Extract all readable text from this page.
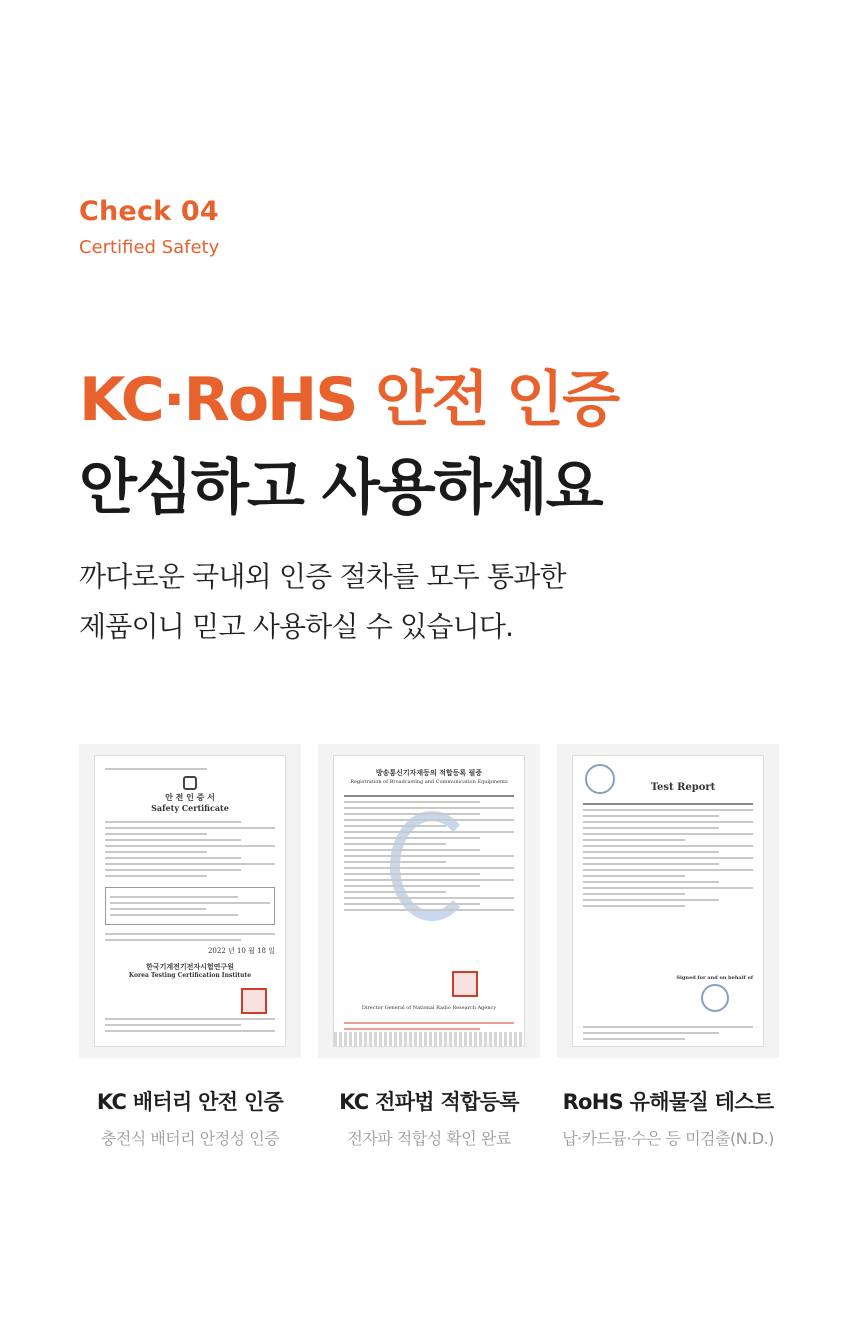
Check 04
Certified Safety
KC·RoHS 안전 인증
안심하고 사용하세요
까다로운 국내외 인증 절차를 모두 통과한
제품이니 믿고 사용하실 수 있습니다.
안 전 인 증 서
Safety Certificate
2022 년 10 월 18 일
한국기계전기전자시험연구원
Korea Testing Certification Institute
방송통신기자재등의 적합등록 필증
Registration of Broadcasting and Communication Equipments
Director General of National Radio Research Agency
Test Report
Signed for and on behalf of
KC 배터리 안전 인증
충전식 배터리 안정성 인증
KC 전파법 적합등록
전자파 적합성 확인 완료
RoHS 유해물질 테스트
납·카드뮴·수은 등 미검출(N.D.)
